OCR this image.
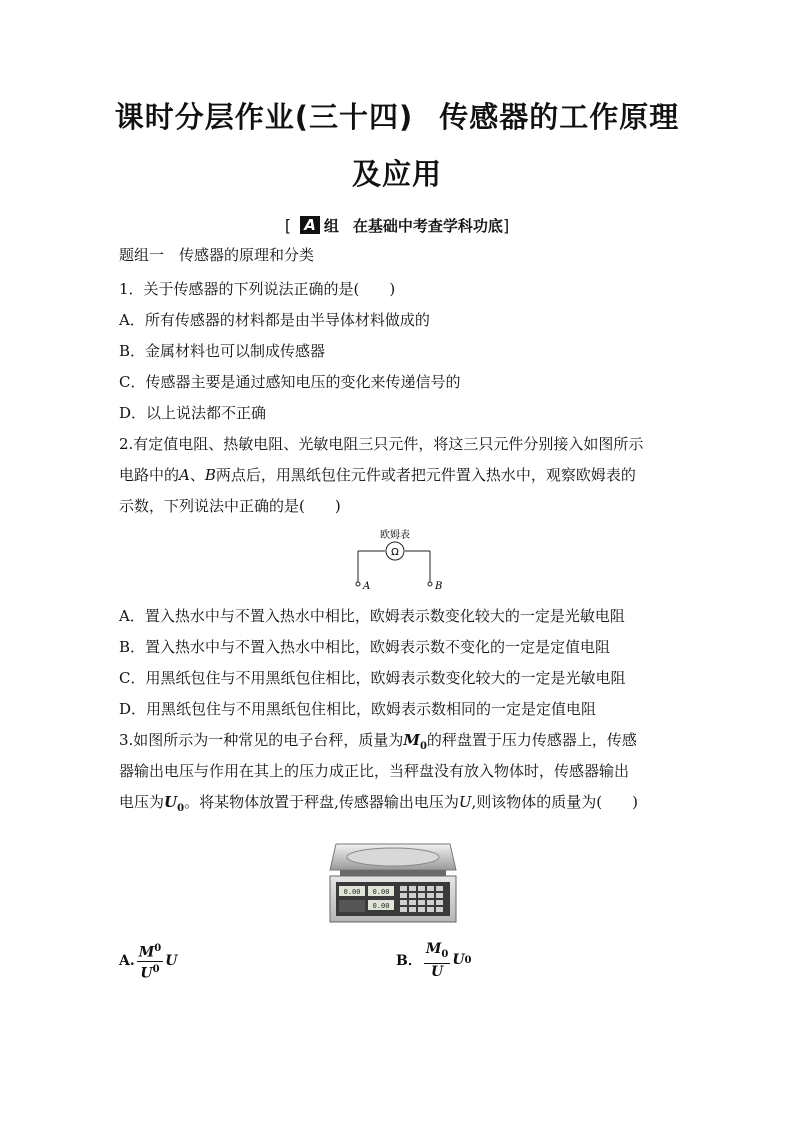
课时分层作业(三十四) 传感器的工作原理
及应用
[ A 组 在基础中考查学科功底]
题组一　传感器的原理和分类
1．关于传感器的下列说法正确的是(　　)
A．所有传感器的材料都是由半导体材料做成的
B．金属材料也可以制成传感器
C．传感器主要是通过感知电压的变化来传递信号的
D．以上说法都不正确
2.有定值电阻、热敏电阻、光敏电阻三只元件，将这三只元件分别接入如图所示
电路中的A、B两点后，用黑纸包住元件或者把元件置入热水中，观察欧姆表的
示数，下列说法中正确的是(　　)
欧姆表
Ω
A	B
A．置入热水中与不置入热水中相比，欧姆表示数变化较大的一定是光敏电阻
B．置入热水中与不置入热水中相比，欧姆表示数不变化的一定是定值电阻
C．用黑纸包住与不用黑纸包住相比，欧姆表示数变化较大的一定是光敏电阻
D．用黑纸包住与不用黑纸包住相比，欧姆表示数相同的一定是定值电阻
3.如图所示为一种常见的电子台秤，质量为$M_0$的秤盘置于压力传感器上，传感
器输出电压与作用在其上的压力成正比，当秤盘没有放入物体时，传感器输出
电压为$U_0$。将某物体放置于秤盘,传感器输出电压为U,则该物体的质量为(　　)
0.00 0.00
0.00
A. $\frac{M^0}{U^0}$ U	B． $\frac{M_0}{U}$ U 0
